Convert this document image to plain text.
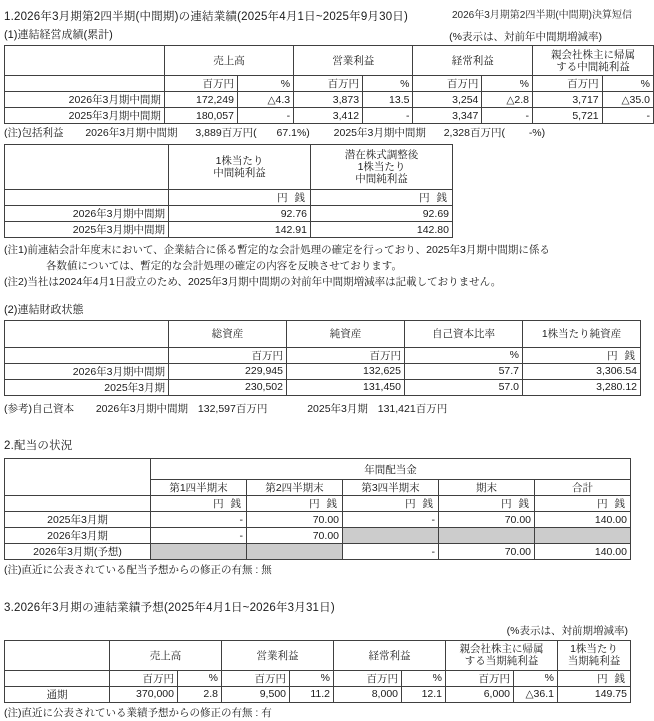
2026年3月期第2四半期(中間期)決算短信
1.2026年3月期第2四半期(中間期)の連結業績(2025年4月1日~2025年9月30日)
(1)連結経営成績(累計)	(%表示は、対前年中間期増減率)
	売上高		営業利益		経常利益		親会社株主に帰属
する中間純利益	
	百万円	%	百万円	%	百万円	%	百万円	%
2026年3月期中間期	172,249	△4.3	3,873	13.5	3,254	△2.8	3,717	△35.0
2025年3月期中間期	180,057	-	3,412	-	3,347	-	5,721	-
(注)包括利益 2026年3月期中間期 3,889百万円( 67.1%) 2025年3月期中間期 2,328百万円( -%)
	1株当たり
中間純利益	潜在株式調整後
1株当たり
中間純利益
	円 銭	円 銭
2026年3月期中間期	92.76	92.69
2025年3月期中間期	142.91	142.80
(注1)前連結会計年度末において、企業結合に係る暫定的な会計処理の確定を行っており、2025年3月期中間期に係る
各数値については、暫定的な会計処理の確定の内容を反映させております。
(注2)当社は2024年4月1日設立のため、2025年3月期中間期の対前年中間期増減率は記載しておりません。
(2)連結財政状態
	総資産	純資産	自己資本比率	1株当たり純資産
	百万円	百万円	%	円 銭
2026年3月期中間期	229,945	132,625	57.7	3,306.54
2025年3月期	230,502	131,450	57.0	3,280.12
(参考)自己資本 2026年3月期中間期 132,597百万円	2025年3月期 131,421百万円
2.配当の状況
	年間配当金				
	第1四半期末	第2四半期末	第3四半期末	期末	合計
	円 銭	円 銭	円 銭	円 銭	円 銭
2025年3月期	-	70.00	-	70.00	140.00
2026年3月期	-	70.00			
2026年3月期(予想)			-	70.00	140.00
(注)直近に公表されている配当予想からの修正の有無 : 無
3.2026年3月期の連結業績予想(2025年4月1日~2026年3月31日)
(%表示は、対前期増減率)
	売上高		営業利益		経常利益		親会社株主に帰属
する当期純利益		1株当たり
当期純利益
	百万円	%	百万円	%	百万円	%	百万円	%	円 銭
通期	370,000	2.8	9,500	11.2	8,000	12.1	6,000	△36.1	149.75
(注)直近に公表されている業績予想からの修正の有無 : 有
